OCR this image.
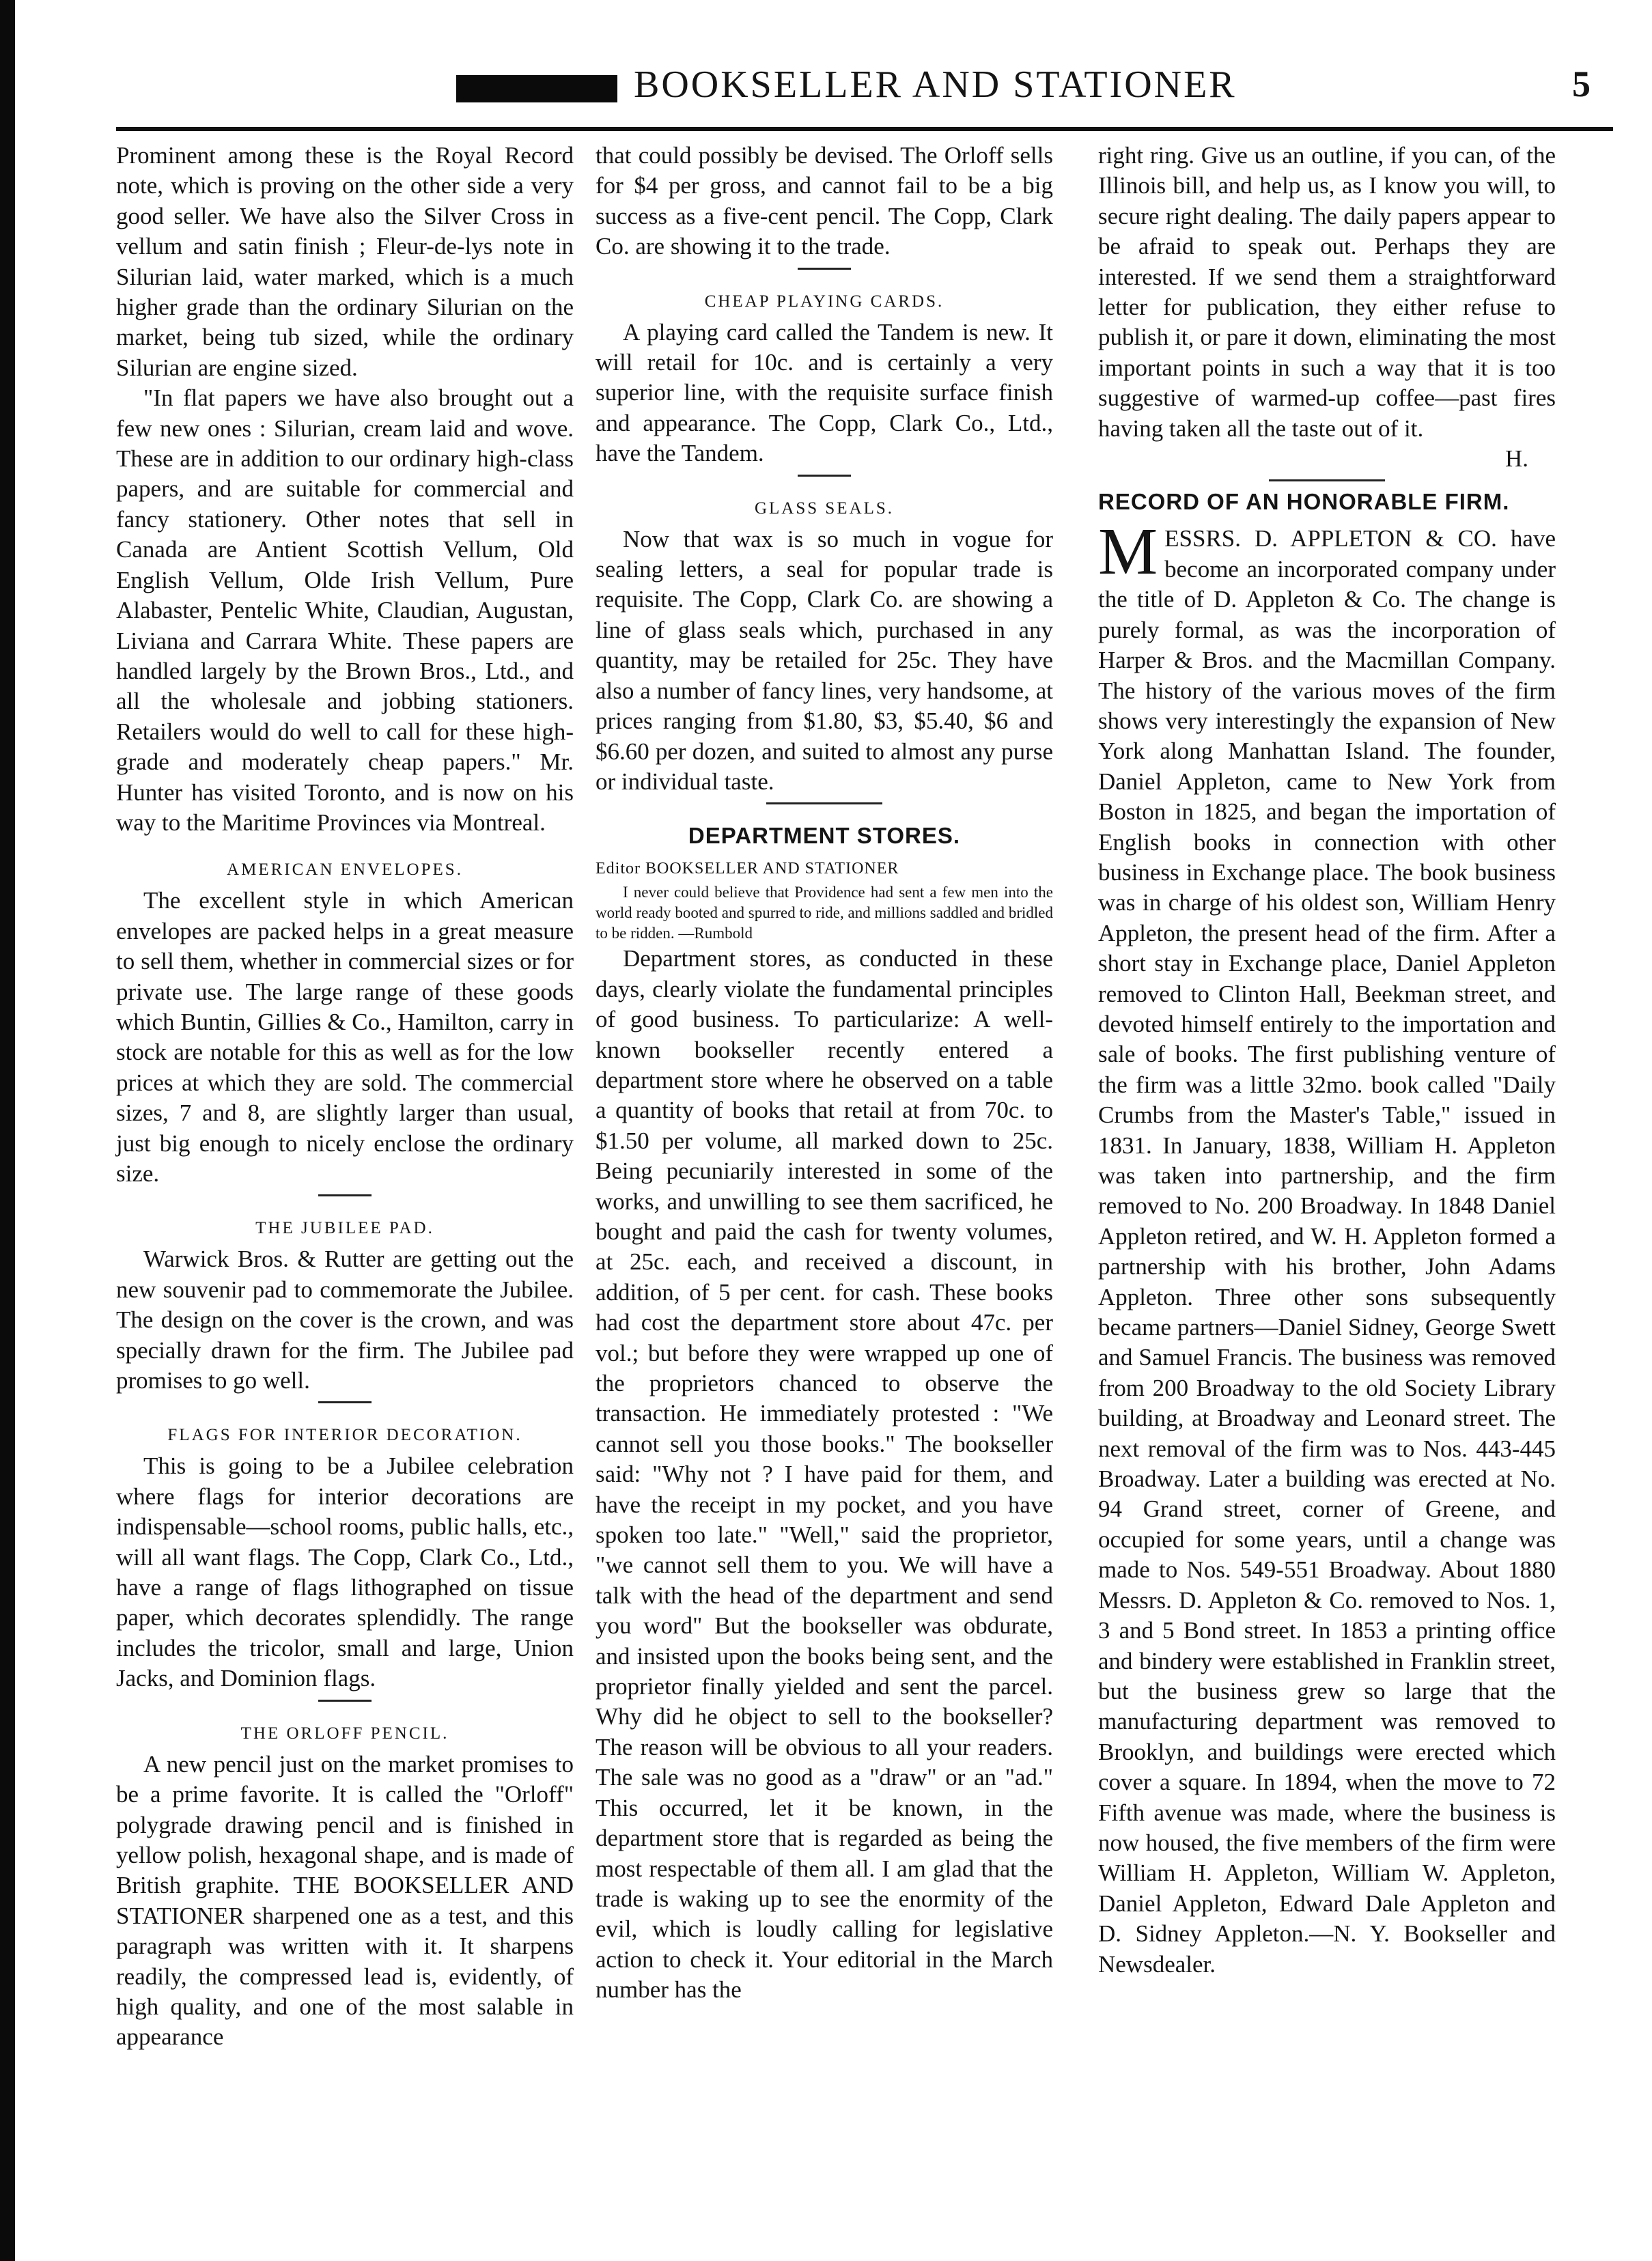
BOOKSELLER AND STATIONER	5

Prominent among these is the Royal Record note, which is proving on the other side a very good seller. We have also the Silver Cross in vellum and satin finish ; Fleur-de-lys note in Silurian laid, water marked, which is a much higher grade than the ordinary Silurian on the market, being tub sized, while the ordinary Silurian are engine sized.

"In flat papers we have also brought out a few new ones : Silurian, cream laid and wove. These are in addition to our ordinary high-class papers, and are suitable for commercial and fancy stationery. Other notes that sell in Canada are Antient Scottish Vellum, Old English Vellum, Olde Irish Vellum, Pure Alabaster, Pentelic White, Claudian, Augustan, Liviana and Carrara White. These papers are handled largely by the Brown Bros., Ltd., and all the wholesale and jobbing stationers. Retailers would do well to call for these high-grade and moderately cheap papers." Mr. Hunter has visited Toronto, and is now on his way to the Maritime Provinces via Montreal.

AMERICAN ENVELOPES.

The excellent style in which American envelopes are packed helps in a great measure to sell them, whether in commercial sizes or for private use. The large range of these goods which Buntin, Gillies & Co., Hamilton, carry in stock are notable for this as well as for the low prices at which they are sold. The commercial sizes, 7 and 8, are slightly larger than usual, just big enough to nicely enclose the ordinary size.

THE JUBILEE PAD.

Warwick Bros. & Rutter are getting out the new souvenir pad to commemorate the Jubilee. The design on the cover is the crown, and was specially drawn for the firm. The Jubilee pad promises to go well.

FLAGS FOR INTERIOR DECORATION.

This is going to be a Jubilee celebration where flags for interior decorations are indispensable—school rooms, public halls, etc., will all want flags. The Copp, Clark Co., Ltd., have a range of flags lithographed on tissue paper, which decorates splendidly. The range includes the tricolor, small and large, Union Jacks, and Dominion flags.

THE ORLOFF PENCIL.

A new pencil just on the market promises to be a prime favorite. It is called the "Orloff" polygrade drawing pencil and is finished in yellow polish, hexagonal shape, and is made of British graphite. THE BOOKSELLER AND STATIONER sharpened one as a test, and this paragraph was written with it. It sharpens readily, the compressed lead is, evidently, of high quality, and one of the most salable in appearance

that could possibly be devised. The Orloff sells for $4 per gross, and cannot fail to be a big success as a five-cent pencil. The Copp, Clark Co. are showing it to the trade.

CHEAP PLAYING CARDS.

A playing card called the Tandem is new. It will retail for 10c. and is certainly a very superior line, with the requisite surface finish and appearance. The Copp, Clark Co., Ltd., have the Tandem.

GLASS SEALS.

Now that wax is so much in vogue for sealing letters, a seal for popular trade is requisite. The Copp, Clark Co. are showing a line of glass seals which, purchased in any quantity, may be retailed for 25c. They have also a number of fancy lines, very handsome, at prices ranging from $1.80, $3, $5.40, $6 and $6.60 per dozen, and suited to almost any purse or individual taste.

DEPARTMENT STORES.
Editor BOOKSELLER AND STATIONER

I never could believe that Providence had sent a few men into the world ready booted and spurred to ride, and millions saddled and bridled to be ridden. —Rumbold

Department stores, as conducted in these days, clearly violate the fundamental principles of good business. To particularize: A well-known bookseller recently entered a department store where he observed on a table a quantity of books that retail at from 70c. to $1.50 per volume, all marked down to 25c. Being pecuniarily interested in some of the works, and unwilling to see them sacrificed, he bought and paid the cash for twenty volumes, at 25c. each, and received a discount, in addition, of 5 per cent. for cash. These books had cost the department store about 47c. per vol.; but before they were wrapped up one of the proprietors chanced to observe the transaction. He immediately protested : "We cannot sell you those books." The bookseller said: "Why not ? I have paid for them, and have the receipt in my pocket, and you have spoken too late." "Well," said the proprietor, "we cannot sell them to you. We will have a talk with the head of the department and send you word" But the bookseller was obdurate, and insisted upon the books being sent, and the proprietor finally yielded and sent the parcel. Why did he object to sell to the bookseller? The reason will be obvious to all your readers. The sale was no good as a "draw" or an "ad." This occurred, let it be known, in the department store that is regarded as being the most respectable of them all. I am glad that the trade is waking up to see the enormity of the evil, which is loudly calling for legislative action to check it. Your editorial in the March number has the

right ring. Give us an outline, if you can, of the Illinois bill, and help us, as I know you will, to secure right dealing. The daily papers appear to be afraid to speak out. Perhaps they are interested. If we send them a straightforward letter for publication, they either refuse to publish it, or pare it down, eliminating the most important points in such a way that it is too suggestive of warmed-up coffee—past fires having taken all the taste out of it.

H.

RECORD OF AN HONORABLE FIRM.

MESSRS. D. APPLETON & CO. have become an incorporated company under the title of D. Appleton & Co. The change is purely formal, as was the incorporation of Harper & Bros. and the Macmillan Company. The history of the various moves of the firm shows very interestingly the expansion of New York along Manhattan Island. The founder, Daniel Appleton, came to New York from Boston in 1825, and began the importation of English books in connection with other business in Exchange place. The book business was in charge of his oldest son, William Henry Appleton, the present head of the firm. After a short stay in Exchange place, Daniel Appleton removed to Clinton Hall, Beekman street, and devoted himself entirely to the importation and sale of books. The first publishing venture of the firm was a little 32mo. book called "Daily Crumbs from the Master's Table," issued in 1831. In January, 1838, William H. Appleton was taken into partnership, and the firm removed to No. 200 Broadway. In 1848 Daniel Appleton retired, and W. H. Appleton formed a partnership with his brother, John Adams Appleton. Three other sons subsequently became partners—Daniel Sidney, George Swett and Samuel Francis. The business was removed from 200 Broadway to the old Society Library building, at Broadway and Leonard street. The next removal of the firm was to Nos. 443-445 Broadway. Later a building was erected at No. 94 Grand street, corner of Greene, and occupied for some years, until a change was made to Nos. 549-551 Broadway. About 1880 Messrs. D. Appleton & Co. removed to Nos. 1, 3 and 5 Bond street. In 1853 a printing office and bindery were established in Franklin street, but the business grew so large that the manufacturing department was removed to Brooklyn, and buildings were erected which cover a square. In 1894, when the move to 72 Fifth avenue was made, where the business is now housed, the five members of the firm were William H. Appleton, William W. Appleton, Daniel Appleton, Edward Dale Appleton and D. Sidney Appleton.—N. Y. Bookseller and Newsdealer.
